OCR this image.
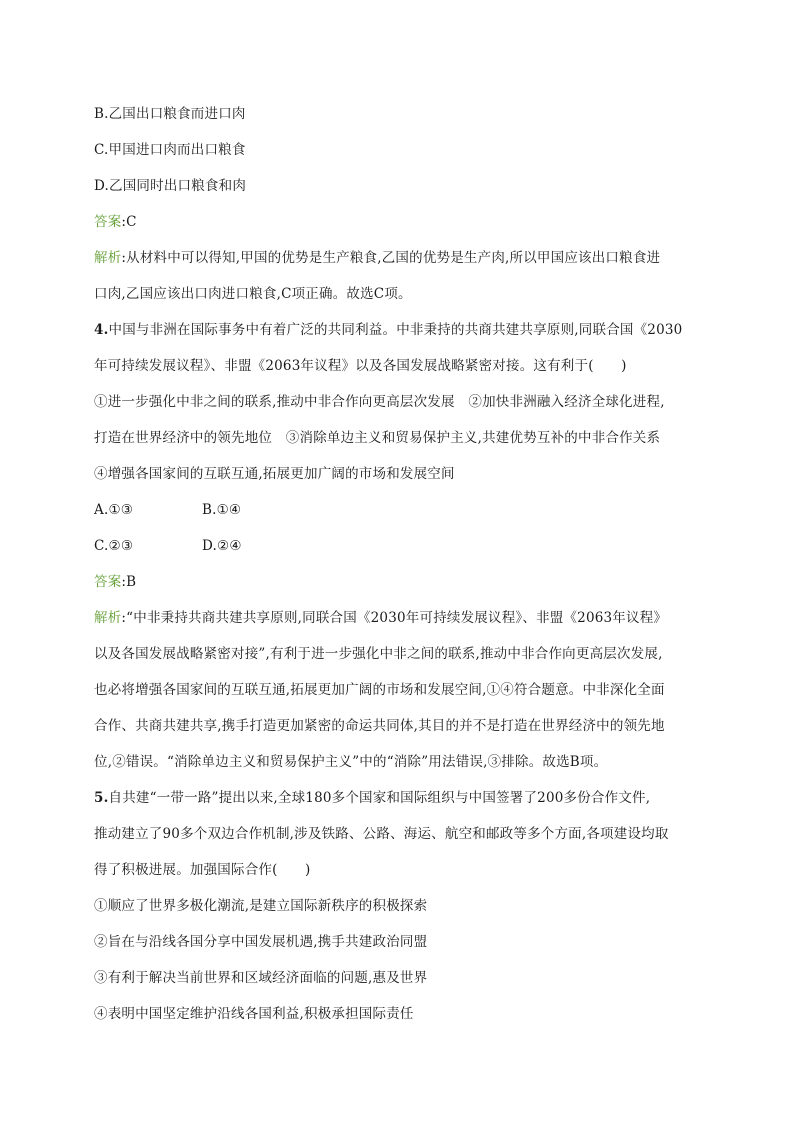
B.乙国出口粮食而进口肉
C.甲国进口肉而出口粮食
D.乙国同时出口粮食和肉
答案:C
解析:从材料中可以得知,甲国的优势是生产粮食,乙国的优势是生产肉,所以甲国应该出口粮食进
口肉,乙国应该出口肉进口粮食,C项正确。故选C项。
4.中国与非洲在国际事务中有着广泛的共同利益。中非秉持的共商共建共享原则,同联合国《2030
年可持续发展议程》、非盟《2063年议程》以及各国发展战略紧密对接。这有利于(　　)
①进一步强化中非之间的联系,推动中非合作向更高层次发展　②加快非洲融入经济全球化进程,
打造在世界经济中的领先地位　③消除单边主义和贸易保护主义,共建优势互补的中非合作关系
④增强各国家间的互联互通,拓展更加广阔的市场和发展空间
A.①③	B.①④
C.②③	D.②④
答案:B
解析:“中非秉持共商共建共享原则,同联合国《2030年可持续发展议程》、非盟《2063年议程》
以及各国发展战略紧密对接”,有利于进一步强化中非之间的联系,推动中非合作向更高层次发展,
也必将增强各国家间的互联互通,拓展更加广阔的市场和发展空间,①④符合题意。中非深化全面
合作、共商共建共享,携手打造更加紧密的命运共同体,其目的并不是打造在世界经济中的领先地
位,②错误。“消除单边主义和贸易保护主义”中的“消除”用法错误,③排除。故选B项。
5.自共建“一带一路”提出以来,全球180多个国家和国际组织与中国签署了200多份合作文件,
推动建立了90多个双边合作机制,涉及铁路、公路、海运、航空和邮政等多个方面,各项建设均取
得了积极进展。加强国际合作(　　)
①顺应了世界多极化潮流,是建立国际新秩序的积极探索
②旨在与沿线各国分享中国发展机遇,携手共建政治同盟
③有利于解决当前世界和区域经济面临的问题,惠及世界
④表明中国坚定维护沿线各国利益,积极承担国际责任
